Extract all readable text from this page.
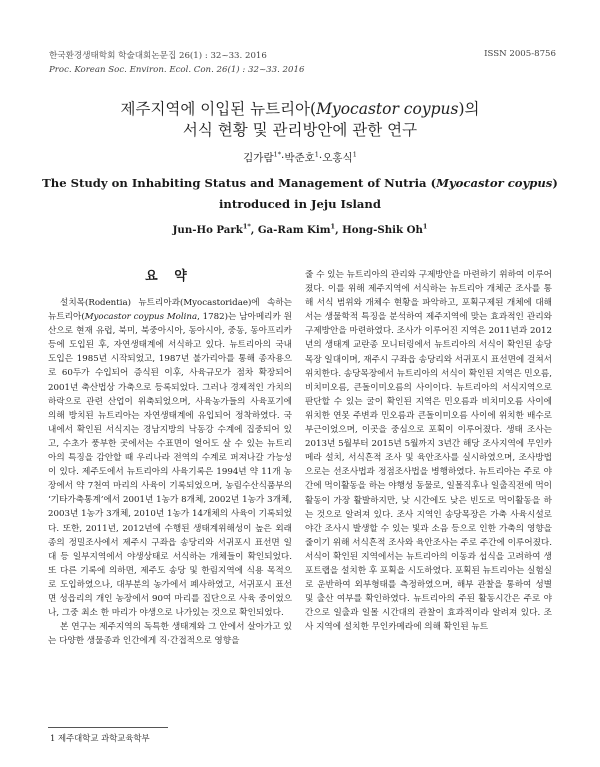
한국환경생태학회 학술대회논문집 26(1) : 32~33. 2016
Proc. Korean Soc. Environ. Ecol. Con. 26(1) : 32~33. 2016
ISSN 2005-8756
제주지역에 이입된 뉴트리아(Myocastor coypus)의
서식 현황 및 관리방안에 관한 연구
김가람$^{1*}$·박준호$^1$·오홍식$^1$
The Study on Inhabiting Status and Management of Nutria (Myocastor coypus)
introduced in Jeju Island
Jun-Ho Park$^{1*}$, Ga-Ram Kim$^1$, Hong-Shik Oh$^1$
요 약

설치목(Rodentia) 뉴트리아과(Myocastoridae)에 속하는 뉴트리아(Myocastor coypus Molina, 1782)는 남아메리카 원산으로 현재 유럽, 북미, 북중아시아, 동아시아, 중동, 동아프리카 등에 도입된 후, 자연생태계에 서식하고 있다. 뉴트리아의 국내 도입은 1985년 시작되었고, 1987년 불가리아를 통해 종자용으로 60두가 수입되어 증식된 이후, 사육규모가 점차 확장되어 2001년 축산법상 가축으로 등록되었다. 그러나 경제적인 가치의 하락으로 관련 산업이 위축되었으며, 사육농가들의 사육포기에 의해 방치된 뉴트리아는 자연생태계에 유입되어 정착하였다. 국내에서 확인된 서식지는 경남지방의 낙동강 수계에 집중되어 있고, 수초가 풍부한 곳에서는 수표면이 얼어도 살 수 있는 뉴트리아의 특징을 감안할 때 우리나라 전역의 수계로 퍼져나갈 가능성이 있다. 제주도에서 뉴트리아의 사육기록은 1994년 약 11개 농장에서 약 7천여 마리의 사육이 기록되었으며, 농림수산식품부의 ‘기타가축통계’에서 2001년 1농가 8개체, 2002년 1농가 3개체, 2003년 1농가 3개체, 2010년 1농가 14개체의 사육이 기록되었다. 또한, 2011년, 2012년에 수행된 생태계위해성이 높은 외래종의 정밀조사에서 제주시 구좌읍 송당리와 서귀포시 표선면 일대 등 일부지역에서 야생상태로 서식하는 개체들이 확인되었다. 또 다른 기록에 의하면, 제주도 송당 및 한림지역에 식용 목적으로 도입하였으나, 대부분의 농가에서 폐사하였고, 서귀포시 표선면 성읍리의 개인 농장에서 90여 마리를 집단으로 사육 중이었으나, 그중 최소 한 마리가 야생으로 나가있는 것으로 확인되었다.

본 연구는 제주지역의 독특한 생태계와 그 안에서 살아가고 있는 다양한 생물종과 인간에게 직·간접적으로 영향을

줄 수 있는 뉴트리아의 관리와 구제방안을 마련하기 위하여 이루어졌다. 이를 위해 제주지역에 서식하는 뉴트리아 개체군 조사를 통해 서식 범위와 개체수 현황을 파악하고, 포획구제된 개체에 대해서는 생물학적 특징을 분석하여 제주지역에 맞는 효과적인 관리와 구제방안을 마련하였다. 조사가 이루어진 지역은 2011년과 2012년의 생태계 교란종 모니터링에서 뉴트리아의 서식이 확인된 송당목장 일대이며, 재주시 구좌읍 송당리와 서귀포시 표선면에 걸쳐서 위치한다. 송당목장에서 뉴트리아의 서식이 확인된 지역은 민오름, 비치미오름, 큰돌이미오름의 사이이다. 뉴트리아의 서식지역으로 판단할 수 있는 굴이 확인된 지역은 민오름과 비치미오름 사이에 위치한 연못 주변과 민오름과 큰돌이미오름 사이에 위치한 배수로 부근이었으며, 이곳을 중심으로 포획이 이루어졌다. 생태 조사는 2013년 5월부터 2015년 5월까지 3년간 해당 조사지역에 무인카메라 설치, 서식흔적 조사 및 육안조사를 실시하였으며, 조사방법으로는 선조사법과 정점조사법을 병행하였다. 뉴트리아는 주로 야간에 먹이활동을 하는 야행성 동물로, 일몰직후나 일출직전에 먹이활동이 가장 활발하지만, 낮 시간에도 낮은 빈도로 먹이활동을 하는 것으로 알려져 있다. 조사 지역인 송당목장은 가축 사육시설로 야간 조사시 발생할 수 있는 빛과 소음 등으로 인한 가축의 영향을 줄이기 위해 서식흔적 조사와 육안조사는 주로 주간에 이루어졌다. 서식이 확인된 지역에서는 뉴트리아의 이동과 섭식을 고려하여 생포트랩을 설치한 후 포획을 시도하였다. 포획된 뉴트리아는 실험실로 운반하여 외부형태를 측정하였으며, 해부 관찰을 통하여 성별 및 출산 여부를 확인하였다. 뉴트리아의 주된 활동시간은 주로 야간으로 일출과 일몰 시간대의 관찰이 효과적이라 알려져 있다. 조사 지역에 설치한 무인카메라에 의해 확인된 뉴트

1 제주대학교 과학교육학부
